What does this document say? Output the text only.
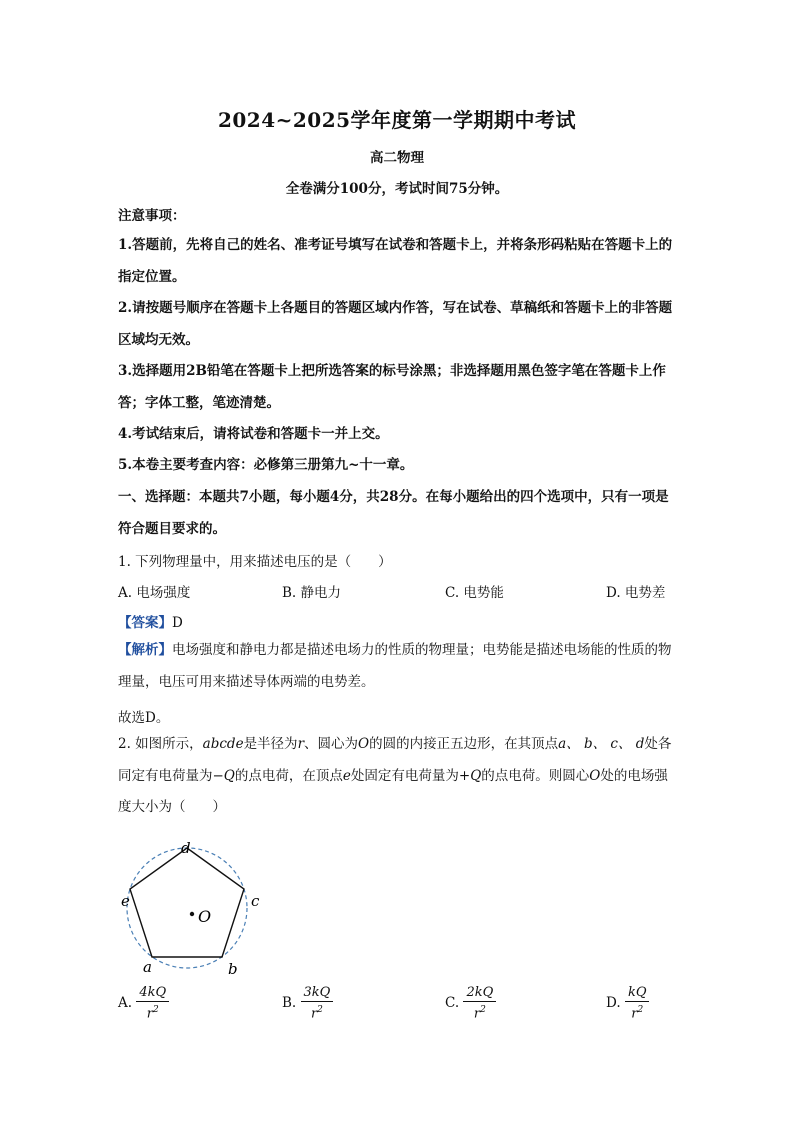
2024~2025学年度第一学期期中考试
高二物理
全卷满分100分，考试时间75分钟。
注意事项：
1.答题前，先将自己的姓名、准考证号填写在试卷和答题卡上，并将条形码粘贴在答题卡上的指定位置。
2.请按题号顺序在答题卡上各题目的答题区域内作答，写在试卷、草稿纸和答题卡上的非答题区域均无效。
3.选择题用2B铅笔在答题卡上把所选答案的标号涂黑；非选择题用黑色签字笔在答题卡上作答；字体工整，笔迹清楚。
4.考试结束后，请将试卷和答题卡一并上交。
5.本卷主要考查内容：必修第三册第九~十一章。
一、选择题：本题共7小题，每小题4分，共28分。在每小题给出的四个选项中，只有一项是符合题目要求的。
1. 下列物理量中，用来描述电压的是（　　）
A. 电场强度	B. 静电力	C. 电势能	D. 电势差
【答案】D
【解析】电场强度和静电力都是描述电场力的性质的物理量；电势能是描述电场能的性质的物理量，电压可用来描述导体两端的电势差。
故选D。
2. 如图所示，abcde是半径为r、圆心为O的圆的内接正五边形，在其顶点a、 b、 c、 d处各同定有电荷量为−Q的点电荷，在顶点e处固定有电荷量为+Q的点电荷。则圆心O处的电场强度大小为（　　）
O
d
c
e
a	b
A. $\frac{4kQ}{r^2}$	B. $\frac{3kQ}{r^2}$	C. $\frac{2kQ}{r^2}$	D. $\frac{kQ}{r^2}$
